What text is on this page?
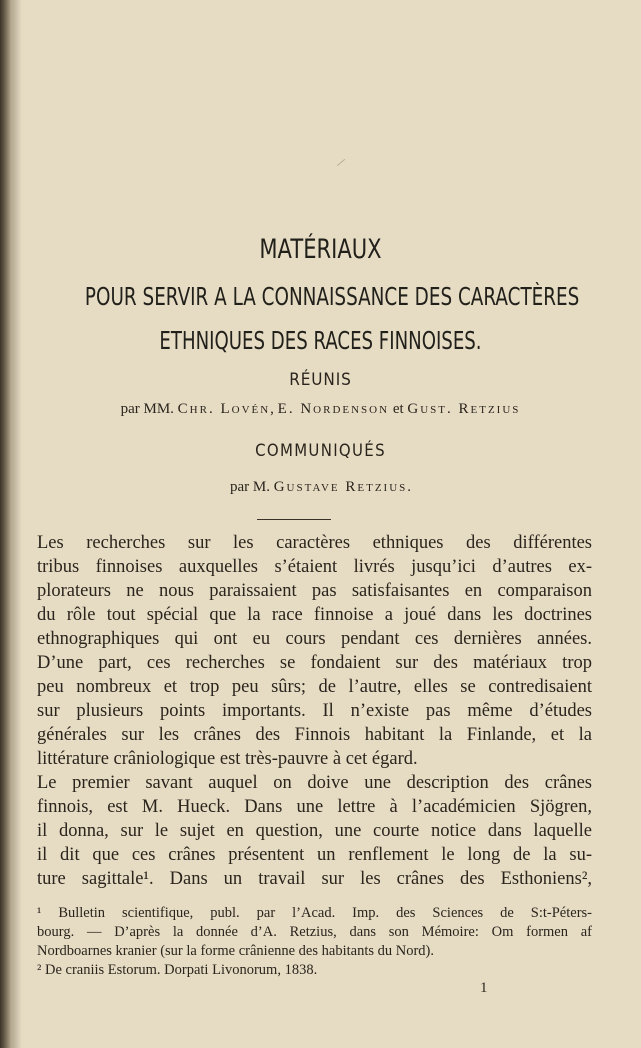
MATÉRIAUX
POUR SERVIR A LA CONNAISSANCE DES CARACTÈRES
ETHNIQUES DES RACES FINNOISES.
RÉUNIS
par MM. Chr. Lovén, E. Nordenson et Gust. Retzius
COMMUNIQUÉS
par M. Gustave Retzius.
Les recherches sur les caractères ethniques des différentes
tribus finnoises auxquelles s’étaient livrés jusqu’ici d’autres ex-
plorateurs ne nous paraissaient pas satisfaisantes en comparaison
du rôle tout spécial que la race finnoise a joué dans les doctrines
ethnographiques qui ont eu cours pendant ces dernières années.
D’une part, ces recherches se fondaient sur des matériaux trop
peu nombreux et trop peu sûrs; de l’autre, elles se contredisaient
sur plusieurs points importants. Il n’existe pas même d’études
générales sur les crânes des Finnois habitant la Finlande, et la
littérature crâniologique est très-pauvre à cet égard.
Le premier savant auquel on doive une description des crânes
finnois, est M. Hueck. Dans une lettre à l’académicien Sjögren,
il donna, sur le sujet en question, une courte notice dans laquelle
il dit que ces crânes présentent un renflement le long de la su-
ture sagittale¹. Dans un travail sur les crânes des Esthoniens²,
¹ Bulletin scientifique, publ. par l’Acad. Imp. des Sciences de S:t-Péters-
bourg. — D’après la donnée d’A. Retzius, dans son Mémoire: Om formen af
Nordboarnes kranier (sur la forme crânienne des habitants du Nord).
² De craniis Estorum. Dorpati Livonorum, 1838.
1
